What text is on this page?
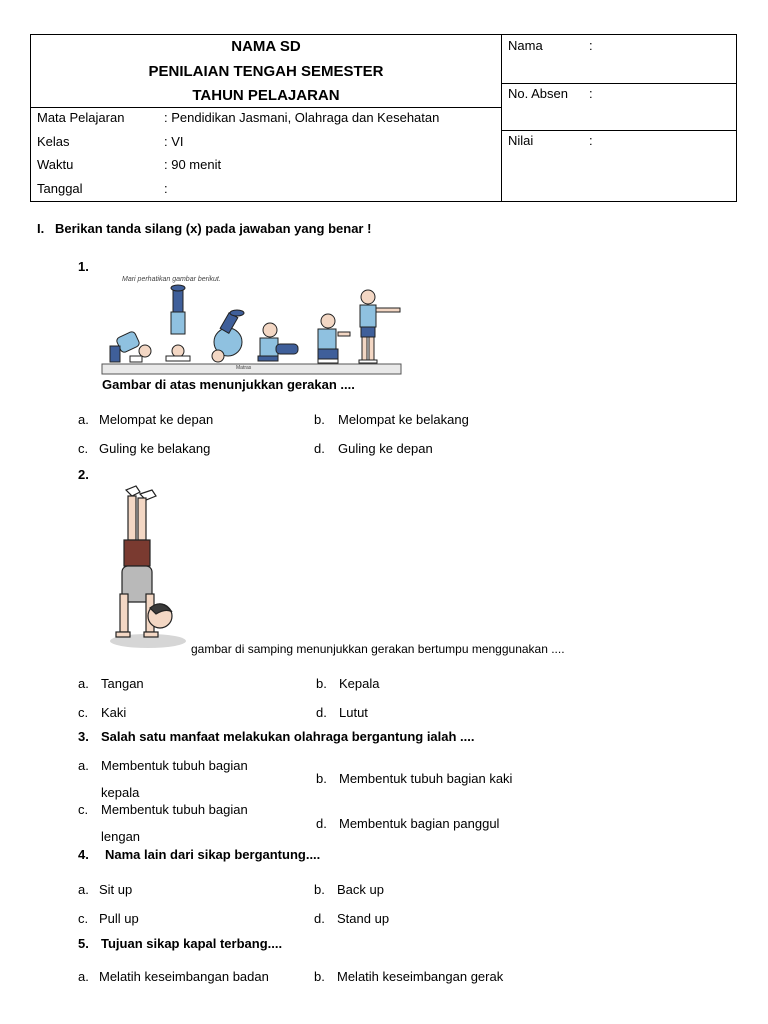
NAMA SD
PENILAIAN TENGAH SEMESTER
TAHUN PELAJARAN
Mata Pelajaran	: Pendidikan Jasmani, Olahraga dan Kesehatan
Kelas	: VI
Waktu	: 90 menit
Tanggal	:
Nama	:
No. Absen :
Nilai	:
I. Berikan tanda silang (x) pada jawaban yang benar !
1.
Mari perhatikan gambar berikut.
Matras
Gambar di atas menunjukkan gerakan ....
a. Melompat ke depan	b. Melompat ke belakang
c. Guling ke belakang	d. Guling ke depan
2.
gambar di samping menunjukkan gerakan bertumpu menggunakan ....
a. Tangan	b. Kepala
c. Kaki	d. Lutut
3. Salah satu manfaat melakukan olahraga bergantung ialah ....
a. Membentuk tubuh bagian
kepala
b. Membentuk tubuh bagian kaki
c. Membentuk tubuh bagian
lengan
d. Membentuk bagian panggul
4. Nama lain dari sikap bergantung....
a. Sit up	b. Back up
c. Pull up	d. Stand up
5. Tujuan sikap kapal terbang....
a. Melatih keseimbangan badan	b. Melatih keseimbangan gerak
